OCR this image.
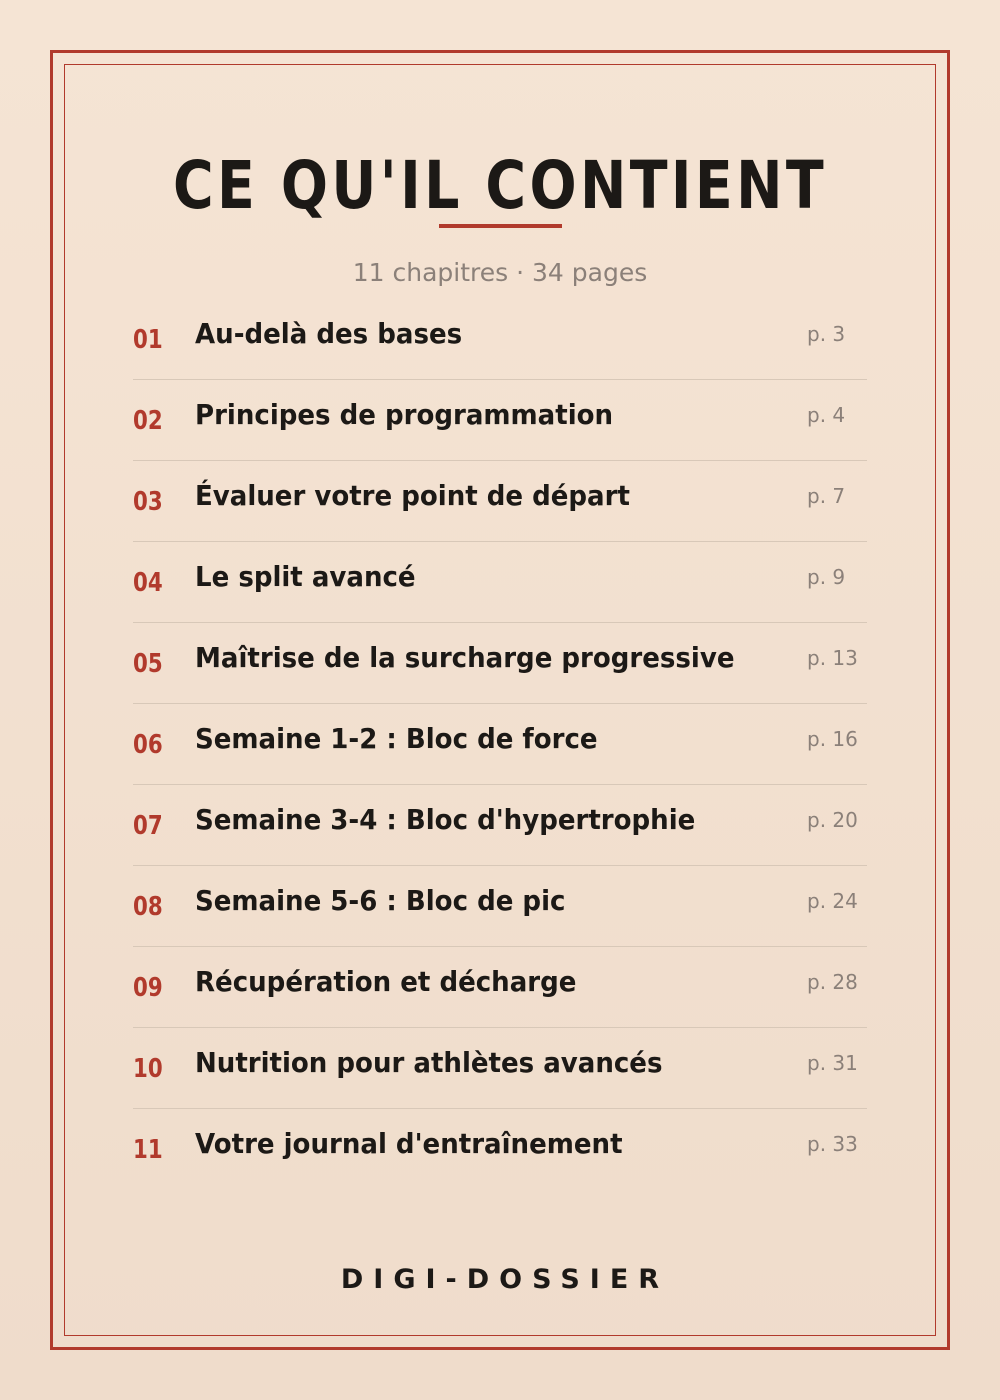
CE QU'IL CONTIENT
11 chapitres · 34 pages
01 Au-delà des bases	p. 3
02 Principes de programmation	p. 4
03 Évaluer votre point de départ	p. 7
04 Le split avancé	p. 9
05 Maîtrise de la surcharge progressive	p. 13
06 Semaine 1-2 : Bloc de force	p. 16
07 Semaine 3-4 : Bloc d'hypertrophie	p. 20
08 Semaine 5-6 : Bloc de pic	p. 24
09 Récupération et décharge	p. 28
10 Nutrition pour athlètes avancés	p. 31
11 Votre journal d'entraînement	p. 33
DIGI-DOSSIER
